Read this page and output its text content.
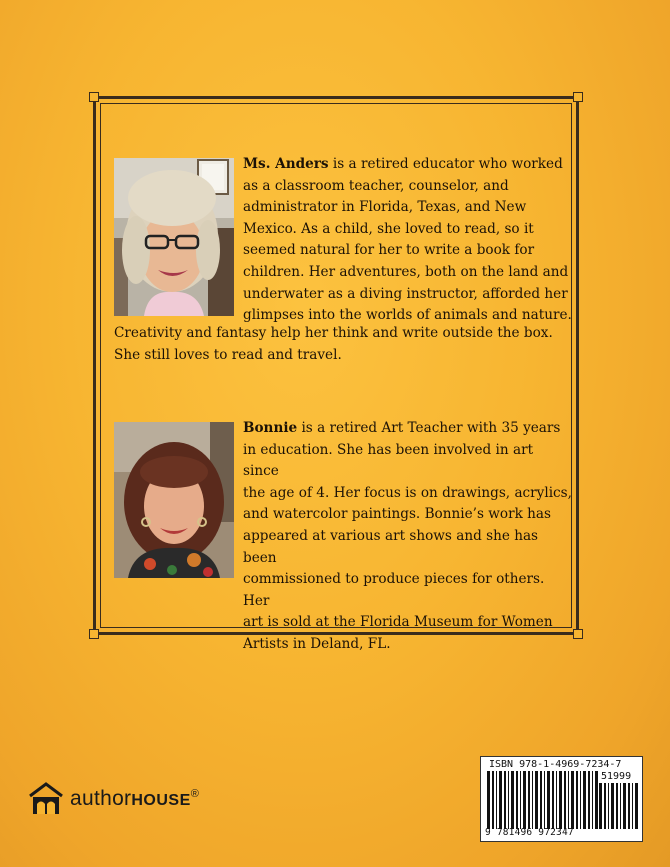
Ms. Anders is a retired educator who worked
as a classroom teacher, counselor, and
administrator in Florida, Texas, and New
Mexico. As a child, she loved to read, so it
seemed natural for her to write a book for
children. Her adventures, both on the land and
underwater as a diving instructor, afforded her
glimpses into the worlds of animals and nature.

Creativity and fantasy help her think and write outside the box.
She still loves to read and travel.

Bonnie is a retired Art Teacher with 35 years
in education. She has been involved in art since
the age of 4. Her focus is on drawings, acrylics,
and watercolor paintings. Bonnie’s work has
appeared at various art shows and she has been
commissioned to produce pieces for others. Her
art is sold at the Florida Museum for Women
Artists in Deland, FL.

authorHOUSE®
ISBN 978-1-4969-7234-7
51999
9 781496 972347
